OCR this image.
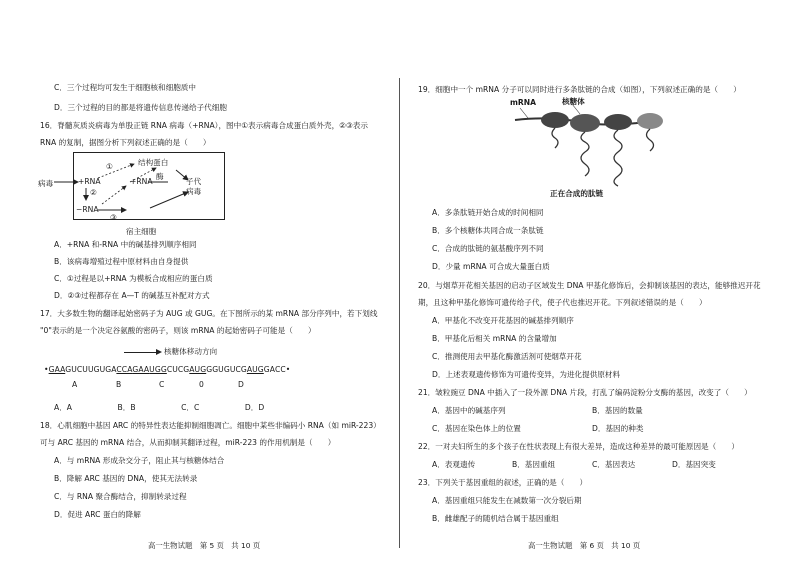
C．三个过程均可发生于细胞核和细胞质中
D．三个过程的目的都是将遗传信息传递给子代细胞
16．脊髓灰质炎病毒为单股正链 RNA 病毒（+RNA），图中①表示病毒合成蛋白质外壳，②③表示
RNA 的复制，据图分析下列叙述正确的是（　　）
病毒	+RNA	+RNA
−RNA
结构蛋白
酶
子代
病毒
①
②
③
宿主细胞
A．+RNA 和-RNA 中的碱基排列顺序相同
B．该病毒增殖过程中原材料由自身提供
C．①过程是以+RNA 为模板合成相应的蛋白质
D．②③过程都存在 A—T 的碱基互补配对方式
17．大多数生物的翻译起始密码子为 AUG 或 GUG。在下图所示的某 mRNA 部分序列中，若下划线
"0"表示的是一个决定谷氨酸的密码子，则该 mRNA 的起始密码子可能是（　　）
核糖体移动方向
•GAAGUCUUGUGACCAGAAUGGCUCGAUGGGUGUCGAUGGACC•
A	B	C	0	D
A．A　　　　　　B．B　　　　　　C．C　　　　　　D．D
18．心肌细胞中基因 ARC 的特异性表达能抑制细胞凋亡。细胞中某些非编码小 RNA（如 miR-223）
可与 ARC 基因的 mRNA 结合，从而抑制其翻译过程，miR-223 的作用机制是（　　）
A．与 mRNA 形成杂交分子，阻止其与核糖体结合
B．降解 ARC 基因的 DNA，使其无法转录
C．与 RNA 聚合酶结合，抑制转录过程
D．促进 ARC 蛋白的降解
高一生物试题　第 5 页　共 10 页
19．细胞中一个 mRNA 分子可以同时进行多条肽链的合成（如图），下列叙述正确的是（　　）
mRNA	核糖体
正在合成的肽链
A．多条肽链开始合成的时间相同
B．多个核糖体共同合成一条肽链
C．合成的肽链的氨基酸序列不同
D．少量 mRNA 可合成大量蛋白质
20．与烟草开花相关基因的启动子区域发生 DNA 甲基化修饰后，会抑制该基因的表达，能够推迟开花
期，且这种甲基化修饰可遗传给子代，使子代也推迟开花。下列叙述错误的是（　　）
A．甲基化不改变开花基因的碱基排列顺序
B．甲基化后相关 mRNA 的含量增加
C．推测使用去甲基化酶激活剂可使烟草开花
D．上述表观遗传修饰为可遗传变异，为进化提供原材料
21．皱粒豌豆 DNA 中插入了一段外源 DNA 片段，打乱了编码淀粉分支酶的基因，改变了（　　）
A．基因中的碱基序列	B．基因的数量
C．基因在染色体上的位置	D．基因的种类
22．一对夫妇所生的多个孩子在性状表现上有很大差异，造成这种差异的最可能原因是（　　）
A．表观遗传	B．基因重组	C．基因表达	D．基因突变
23．下列关于基因重组的叙述，正确的是（　　）
A．基因重组只能发生在减数第一次分裂后期
B．雌雄配子的随机结合属于基因重组
高一生物试题　第 6 页　共 10 页
